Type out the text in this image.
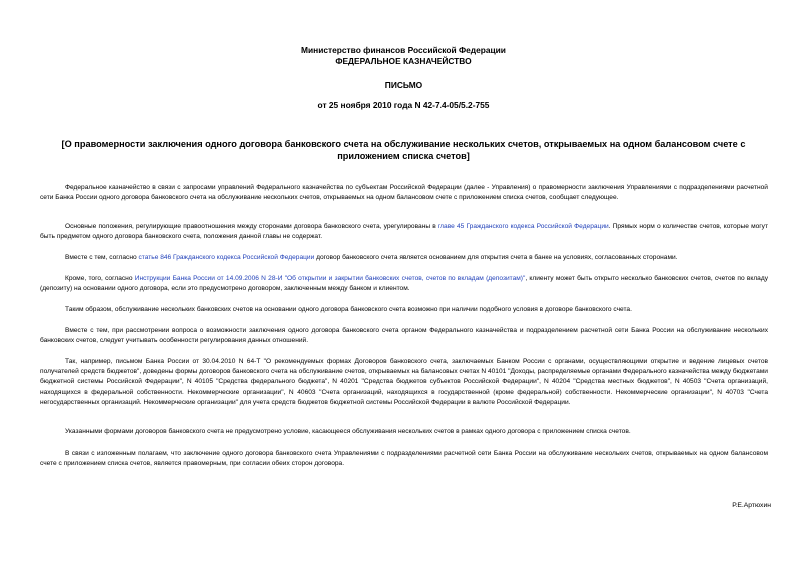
Министерство финансов Российской Федерации
ФЕДЕРАЛЬНОЕ КАЗНАЧЕЙСТВО
ПИСЬМО
от 25 ноября 2010 года N 42-7.4-05/5.2-755
[О правомерности заключения одного договора банковского счета на обслуживание нескольких счетов, открываемых на одном балансовом счете с приложением списка счетов]

Федеральное казначейство в связи с запросами управлений Федерального казначейства по субъектам Российской Федерации (далее - Управления) о правомерности заключения Управлениями с подразделениями расчетной сети Банка России одного договора банковского счета на обслуживание нескольких счетов, открываемых на одном балансовом счете с приложением списка счетов, сообщает следующее.

Основные положения, регулирующие правоотношения между сторонами договора банковского счета, урегулированы в главе 45 Гражданского кодекса Российской Федерации. Прямых норм о количестве счетов, которые могут быть предметом одного договора банковского счета, положения данной главы не содержат.

Вместе с тем, согласно статье 846 Гражданского кодекса Российской Федерации договор банковского счета является основанием для открытия счета в банке на условиях, согласованных сторонами.

Кроме, того, согласно Инструкции Банка России от 14.09.2006 N 28-И "Об открытии и закрытии банковских счетов, счетов по вкладам (депозитам)", клиенту может быть открыто несколько банковских счетов, счетов по вкладу (депозиту) на основании одного договора, если это предусмотрено договором, заключенным между банком и клиентом.

Таким образом, обслуживание нескольких банковских счетов на основании одного договора банковского счета возможно при наличии подобного условия в договоре банковского счета.

Вместе с тем, при рассмотрении вопроса о возможности заключения одного договора банковского счета органом Федерального казначейства и подразделением расчетной сети Банка России на обслуживание нескольких банковских счетов, следует учитывать особенности регулирования данных отношений.

Так, например, письмом Банка России от 30.04.2010 N 64-Т "О рекомендуемых формах Договоров банковского счета, заключаемых Банком России с органами, осуществляющими открытие и ведение лицевых счетов получателей средств бюджетов", доведены формы договоров банковского счета на обслуживание счетов, открываемых на балансовых счетах N 40101 "Доходы, распределяемые органами Федерального казначейства между бюджетами бюджетной системы Российской Федерации", N 40105 "Средства федерального бюджета", N 40201 "Средства бюджетов субъектов Российской Федерации", N 40204 "Средства местных бюджетов", N 40503 "Счета организаций, находящихся в федеральной собственности. Некоммерческие организации", N 40603 "Счета организаций, находящихся в государственной (кроме федеральной) собственности. Некоммерческие организации", N 40703 "Счета негосударственных организаций. Некоммерческие организации" для учета средств бюджетов бюджетной системы Российской Федерации в валюте Российской Федерации.

Указанными формами договоров банковского счета не предусмотрено условие, касающееся обслуживания нескольких счетов в рамках одного договора с приложением списка счетов.

В связи с изложенным полагаем, что заключение одного договора банковского счета Управлениями с подразделениями расчетной сети Банка России на обслуживание нескольких счетов, открываемых на одном балансовом счете с приложением списка счетов, является правомерным, при согласии обеих сторон договора.

Р.Е.Артюхин
